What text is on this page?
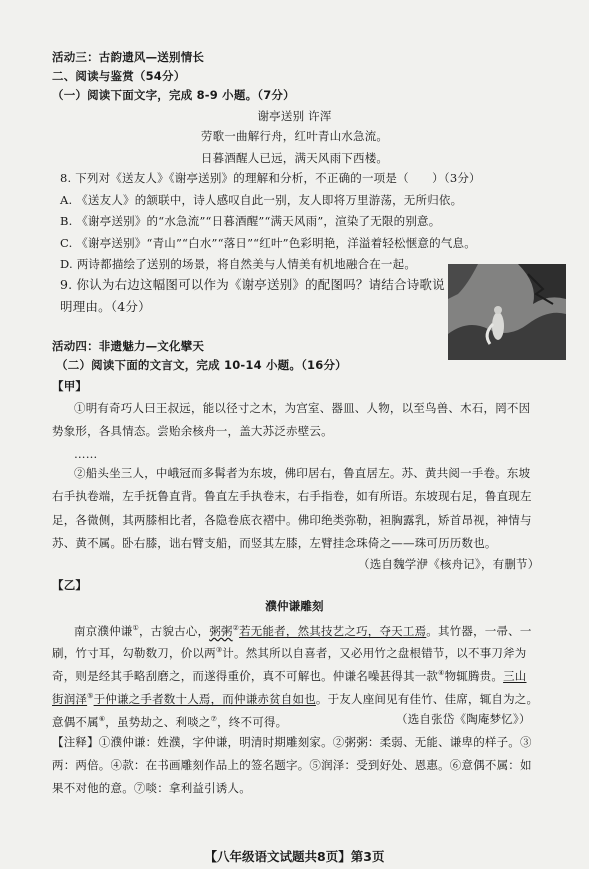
活动三：古韵遗风—送别情长
二、阅读与鉴赏（54分）
（一）阅读下面文字，完成 8-9 小题。（7分）
谢亭送别 许浑
劳歌一曲解行舟，红叶青山水急流。
日暮酒醒人已远，满天风雨下西楼。
8. 下列对《送友人》《谢亭送别》的理解和分析，不正确的一项是（　　）（3分）
A. 《送友人》的颔联中，诗人感叹自此一别，友人即将万里游荡，无所归依。
B. 《谢亭送别》的“水急流”“日暮酒醒”“满天风雨”，渲染了无限的别意。
C. 《谢亭送别》“青山”“白水”“落日”“红叶”色彩明艳，洋溢着轻松惬意的气息。
D. 两诗都描绘了送别的场景，将自然美与人情美有机地融合在一起。
9. 你认为右边这幅图可以作为《谢亭送别》的配图吗？请结合诗歌说
明理由。（4分）
活动四：非遗魅力—文化擘天
（二）阅读下面的文言文，完成 10-14 小题。（16分）
【甲】
①明有奇巧人曰王叔远，能以径寸之木，为宫室、器皿、人物，以至鸟兽、木石，罔不因
势象形，各具情态。尝贻余核舟一，盖大苏泛赤壁云。
……
②船头坐三人，中峨冠而多髯者为东坡，佛印居右，鲁直居左。苏、黄共阅一手卷。东坡
右手执卷端，左手抚鲁直背。鲁直左手执卷末，右手指卷，如有所语。东坡现右足，鲁直现左
足，各微侧，其两膝相比者，各隐卷底衣褶中。佛印绝类弥勒，袒胸露乳，矫首昂视，神情与
苏、黄不属。卧右膝，诎右臂支船，而竖其左膝，左臂挂念珠倚之——珠可历历数也。
（选自魏学洢《核舟记》，有删节）
【乙】
濮仲谦雕刻
南京濮仲谦①，古貌古心，粥粥②若无能者，然其技艺之巧，夺天工焉。其竹器，一帚、一
刷，竹寸耳，勾勒数刀，价以两③计。然其所以自喜者，又必用竹之盘根错节，以不事刀斧为
奇，则是经其手略刮磨之，而遂得重价，真不可解也。仲谦名噪甚得其一款④物辄腾贵。三山
街润泽⑤于仲谦之手者数十人焉，而仲谦赤贫自如也。于友人座间见有佳竹、佳席，辄自为之。
意偶不属⑥，虽势劫之、利啖之⑦，终不可得。	（选自张岱《陶庵梦忆》）
【注释】①濮仲谦：姓濮，字仲谦，明清时期雕刻家。②粥粥：柔弱、无能、谦卑的样子。③
两：两倍。④款：在书画雕刻作品上的签名题字。⑤润泽：受到好处、恩惠。⑥意偶不属：如
果不对他的意。⑦啖：拿利益引诱人。
【八年级语文试题共8页】第3页
